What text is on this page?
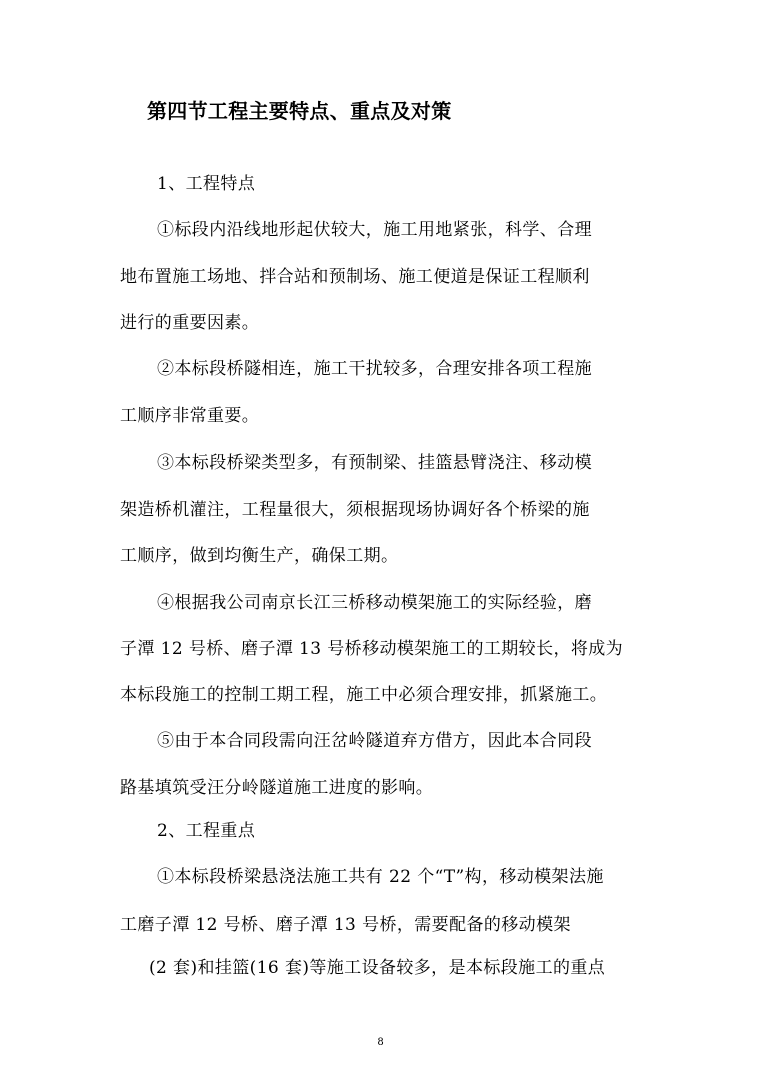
第四节工程主要特点、重点及对策
1、工程特点
①标段内沿线地形起伏较大，施工用地紧张，科学、合理
地布置施工场地、拌合站和预制场、施工便道是保证工程顺利
进行的重要因素。
②本标段桥隧相连，施工干扰较多，合理安排各项工程施
工顺序非常重要。
③本标段桥梁类型多，有预制梁、挂篮悬臂浇注、移动模
架造桥机灌注，工程量很大，须根据现场协调好各个桥梁的施
工顺序，做到均衡生产，确保工期。
④根据我公司南京长江三桥移动模架施工的实际经验，磨
子潭 12 号桥、磨子潭 13 号桥移动模架施工的工期较长，将成为
本标段施工的控制工期工程，施工中必须合理安排，抓紧施工。
⑤由于本合同段需向汪岔岭隧道弃方借方，因此本合同段
路基填筑受汪分岭隧道施工进度的影响。
2、工程重点
①本标段桥梁悬浇法施工共有 22 个“T”构，移动模架法施
工磨子潭 12 号桥、磨子潭 13 号桥，需要配备的移动模架
(2 套)和挂篮(16 套)等施工设备较多，是本标段施工的重点
8
